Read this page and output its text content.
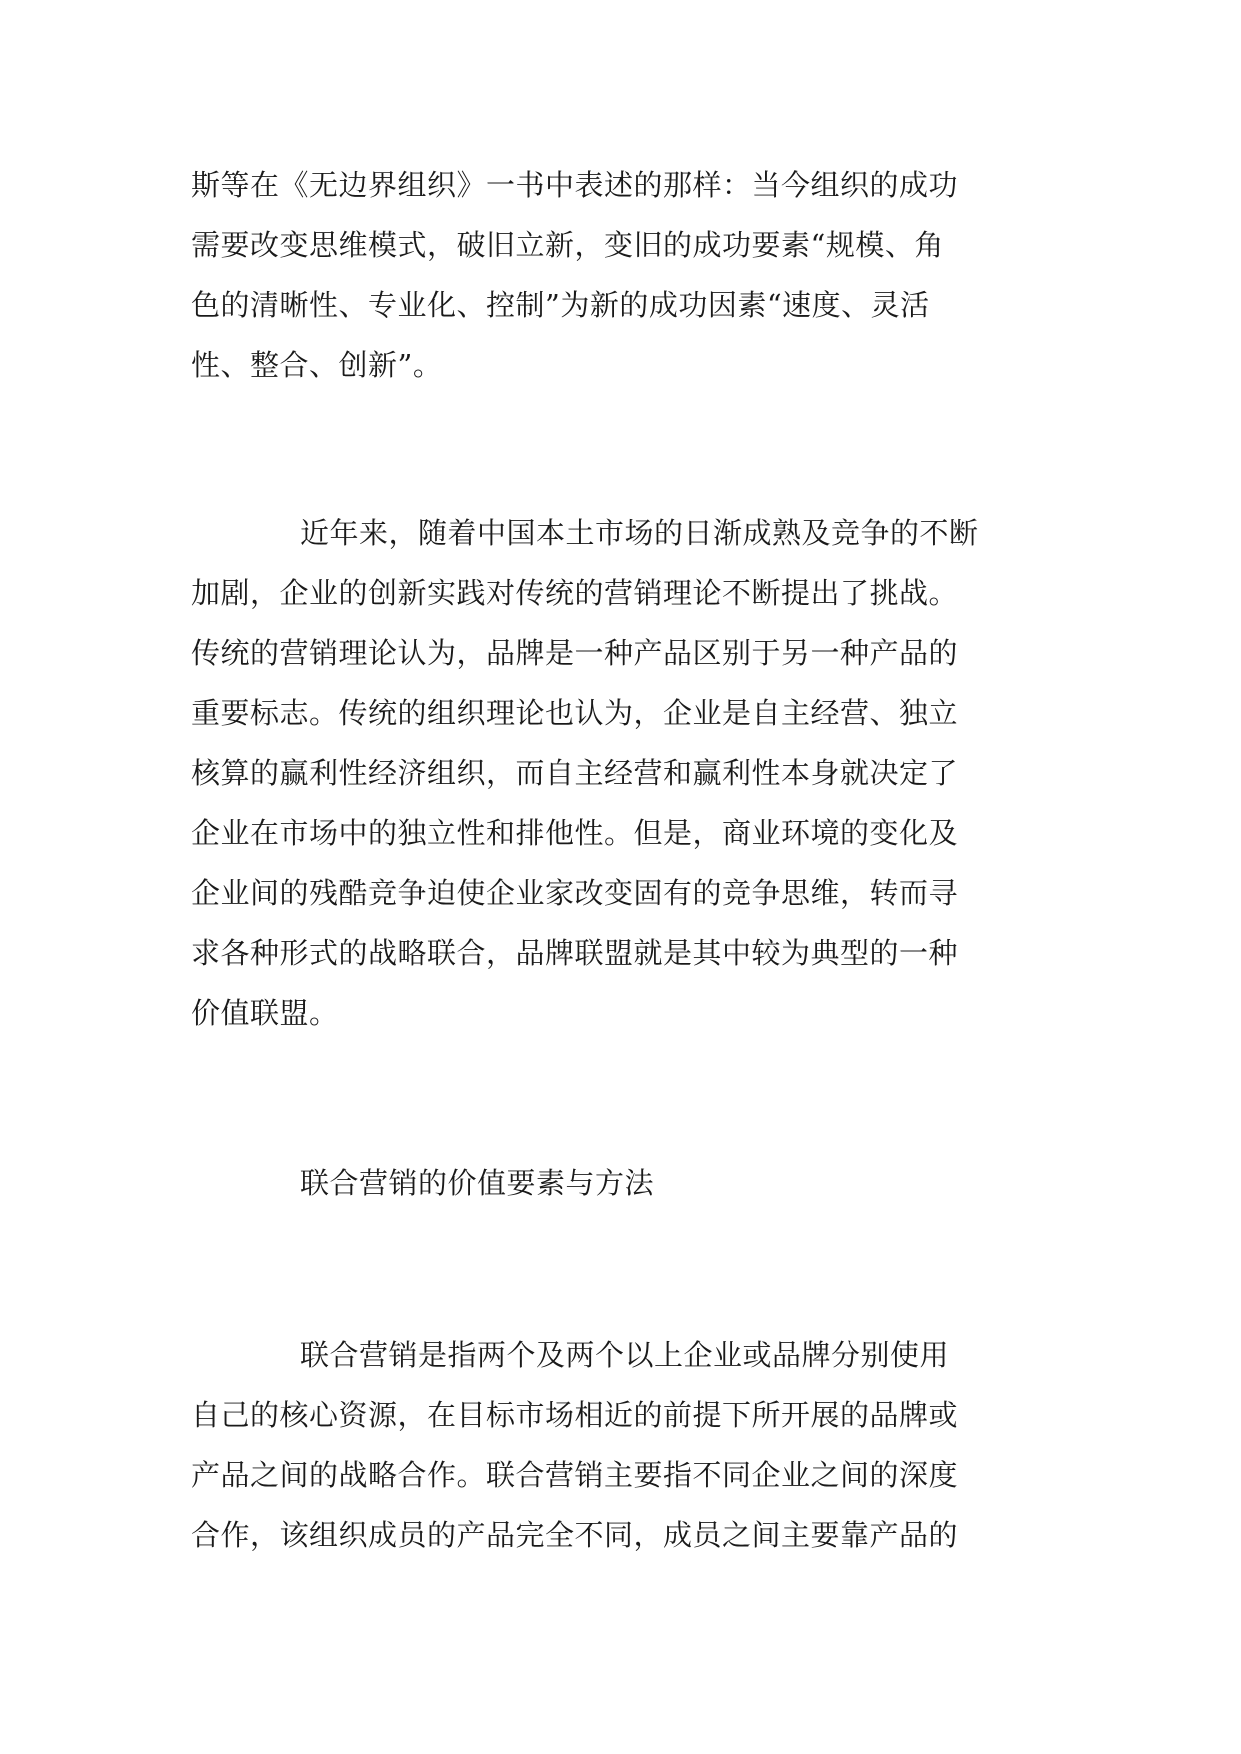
斯等在《无边界组织》一书中表述的那样：当今组织的成功
需要改变思维模式，破旧立新，变旧的成功要素“规模、角
色的清晰性、专业化、控制”为新的成功因素“速度、灵活
性、整合、创新”。
近年来，随着中国本土市场的日渐成熟及竞争的不断
加剧，企业的创新实践对传统的营销理论不断提出了挑战。
传统的营销理论认为，品牌是一种产品区别于另一种产品的
重要标志。传统的组织理论也认为，企业是自主经营、独立
核算的赢利性经济组织，而自主经营和赢利性本身就决定了
企业在市场中的独立性和排他性。但是，商业环境的变化及
企业间的残酷竞争迫使企业家改变固有的竞争思维，转而寻
求各种形式的战略联合，品牌联盟就是其中较为典型的一种
价值联盟。
联合营销的价值要素与方法
联合营销是指两个及两个以上企业或品牌分别使用
自己的核心资源，在目标市场相近的前提下所开展的品牌或
产品之间的战略合作。联合营销主要指不同企业之间的深度
合作，该组织成员的产品完全不同，成员之间主要靠产品的
